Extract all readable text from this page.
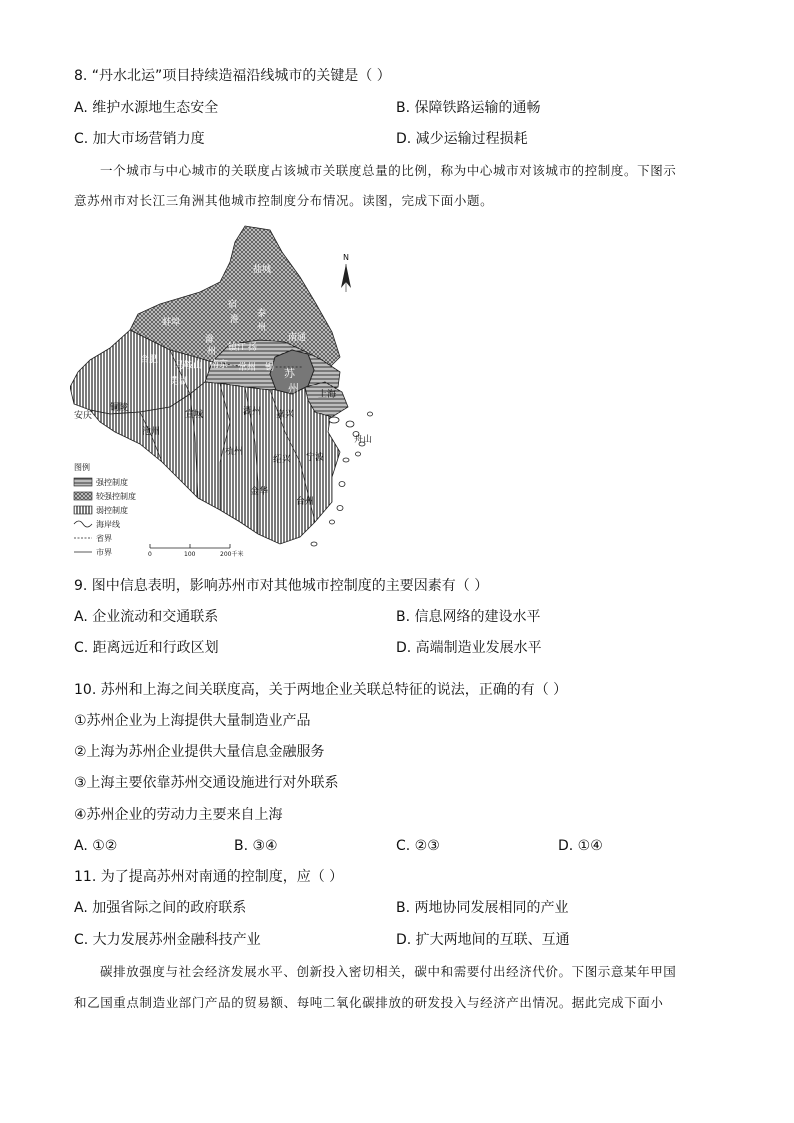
8. “丹水北运”项目持续造福沿线城市的关键是（ ）
A. 维护水源地生态安全	B. 保障铁路运输的通畅
C. 加大市场营销力度	D. 减少运输过程损耗
一个城市与中心城市的关联度占该城市关联度总量的比例，称为中心城市对该城市的控制度。下图示
意苏州市对长江三角洲其他城市控制度分布情况。读图，完成下面小题。
盐城
宿
淮
泰
州
南通
蚌埠
滁
州	扬
合肥
马鞍山
镇江
南京 常州 锡
芜湖
苏
州 上海
安庆
铜陵
池州
宣城	湖州 嘉兴
舟山
杭州
绍兴 宁波
金华
台州
N
图例
强控制度
较强控制度
弱控制度
海岸线
省界
市界	0	100	200千米
9. 图中信息表明，影响苏州市对其他城市控制度的主要因素有（ ）
A. 企业流动和交通联系	B. 信息网络的建设水平
C. 距离远近和行政区划	D. 高端制造业发展水平
10. 苏州和上海之间关联度高，关于两地企业关联总特征的说法，正确的有（ ）
①苏州企业为上海提供大量制造业产品
②上海为苏州企业提供大量信息金融服务
③上海主要依靠苏州交通设施进行对外联系
④苏州企业的劳动力主要来自上海
A. ①②	B. ③④	C. ②③	D. ①④
11. 为了提高苏州对南通的控制度，应（ ）
A. 加强省际之间的政府联系	B. 两地协同发展相同的产业
C. 大力发展苏州金融科技产业	D. 扩大两地间的互联、互通
碳排放强度与社会经济发展水平、创新投入密切相关，碳中和需要付出经济代价。下图示意某年甲国
和乙国重点制造业部门产品的贸易额、每吨二氧化碳排放的研发投入与经济产出情况。据此完成下面小
